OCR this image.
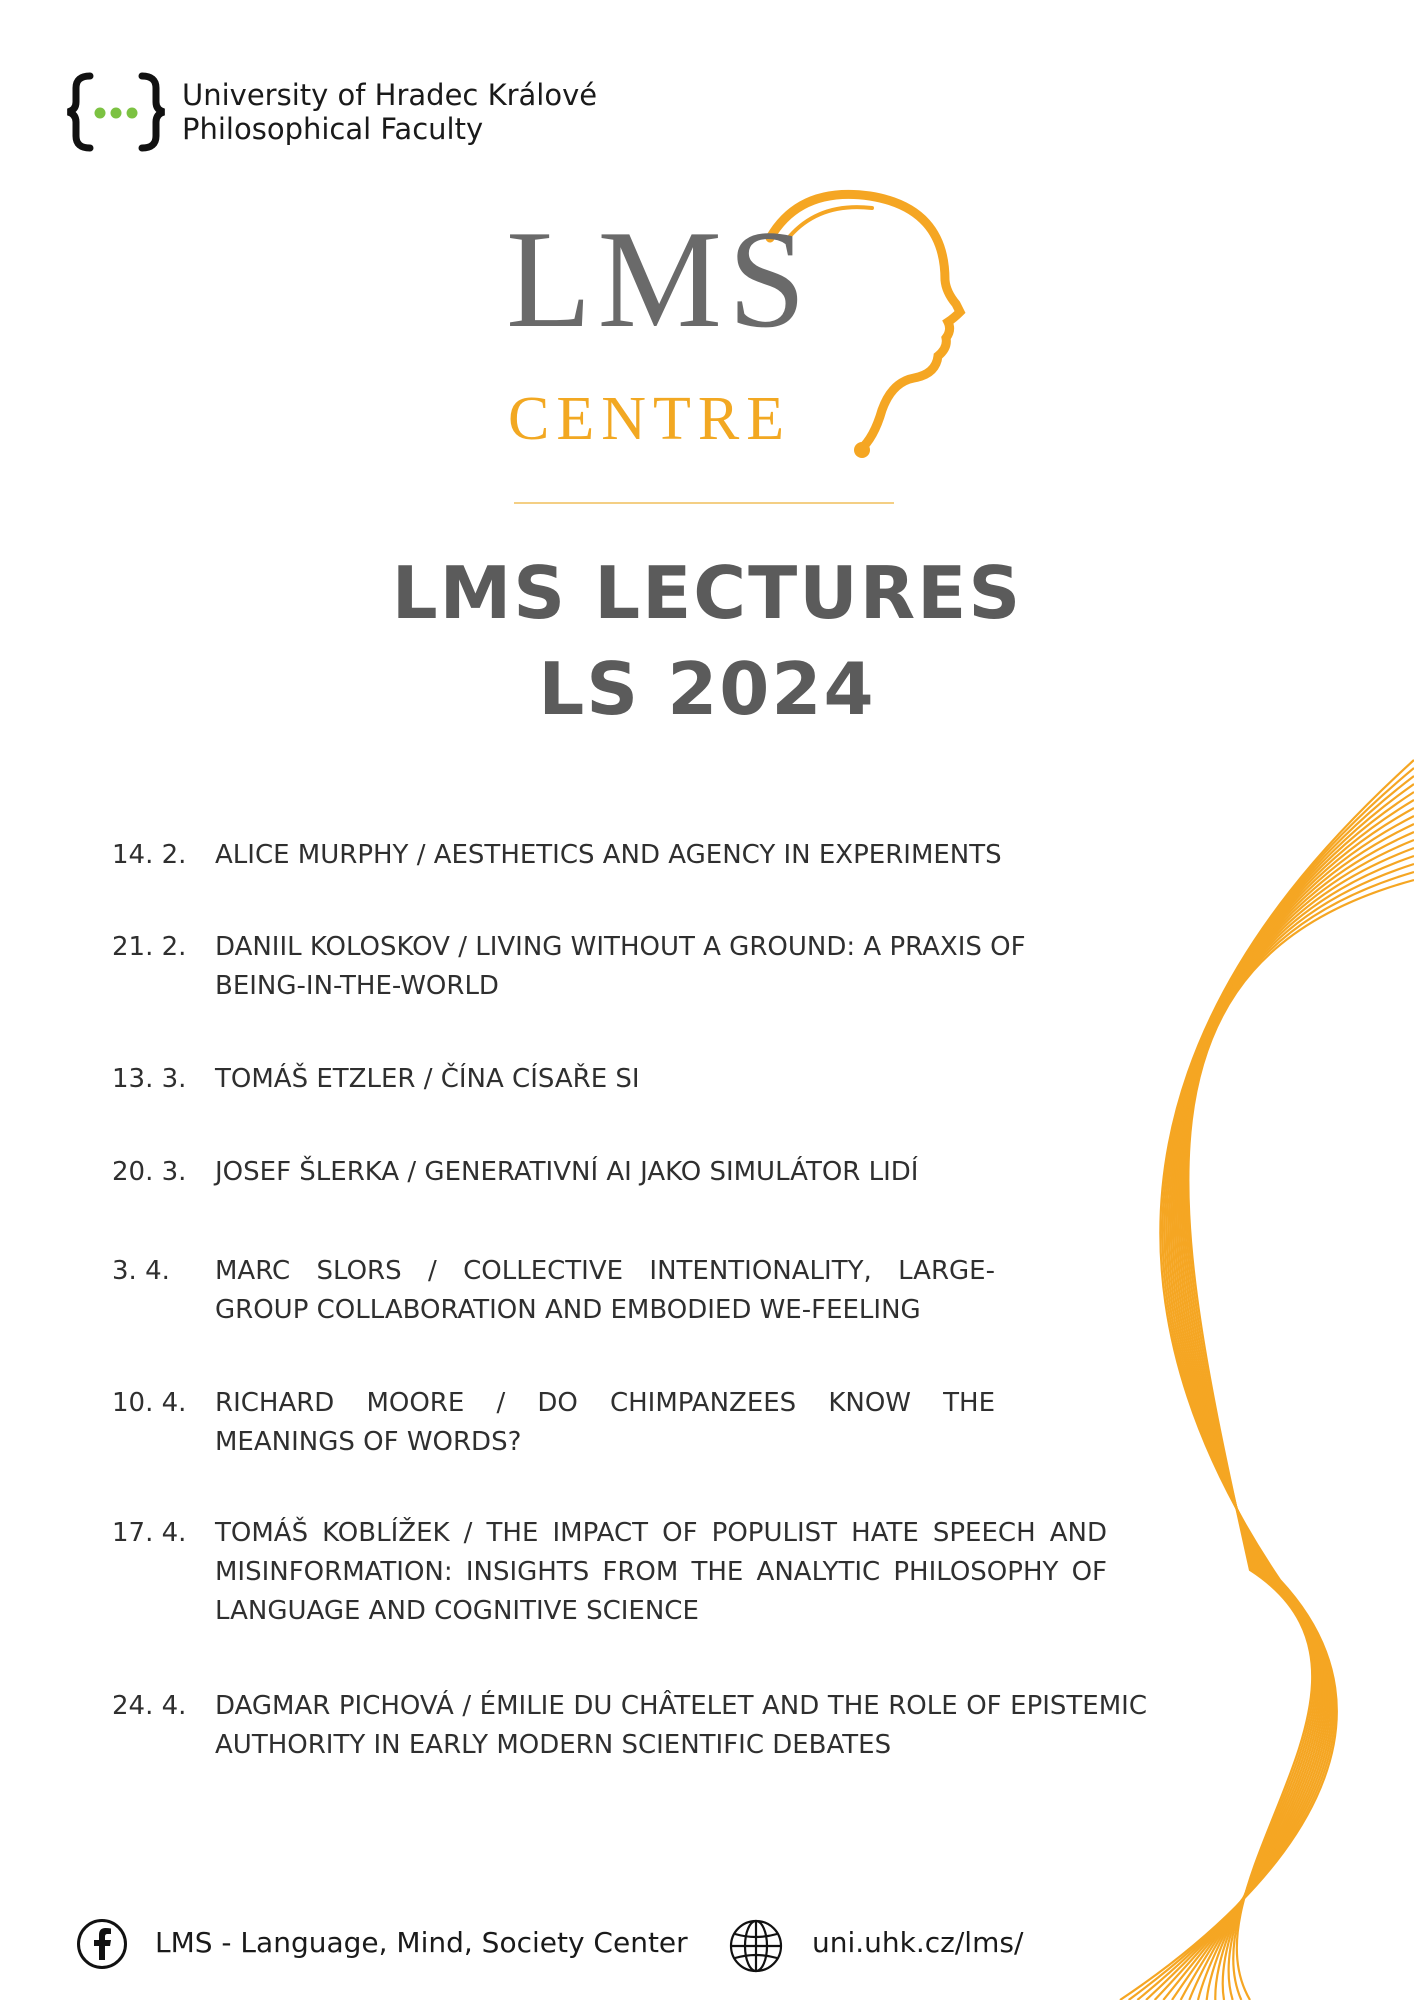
University of Hradec Králové
Philosophical Faculty
LMS
CENTRE
LMS LECTURES
LS 2024
14. 2. ALICE MURPHY / AESTHETICS AND AGENCY IN EXPERIMENTS
21. 2. DANIIL KOLOSKOV / LIVING WITHOUT A GROUND: A PRAXIS OF BEING-IN-THE-WORLD
13. 3. TOMÁŠ ETZLER / ČÍNA CÍSAŘE SI
20. 3. JOSEF ŠLERKA / GENERATIVNÍ AI JAKO SIMULÁTOR LIDÍ
3. 4. MARC SLORS / COLLECTIVE INTENTIONALITY, LARGE-GROUP COLLABORATION AND EMBODIED WE-FEELING
10. 4. RICHARD MOORE / DO CHIMPANZEES KNOW THE MEANINGS OF WORDS?
17. 4. TOMÁŠ KOBLÍŽEK / THE IMPACT OF POPULIST HATE SPEECH AND MISINFORMATION: INSIGHTS FROM THE ANALYTIC PHILOSOPHY OF LANGUAGE AND COGNITIVE SCIENCE
24. 4. DAGMAR PICHOVÁ / ÉMILIE DU CHÂTELET AND THE ROLE OF EPISTEMIC AUTHORITY IN EARLY MODERN SCIENTIFIC DEBATES
LMS - Language, Mind, Society Center	uni.uhk.cz/lms/
